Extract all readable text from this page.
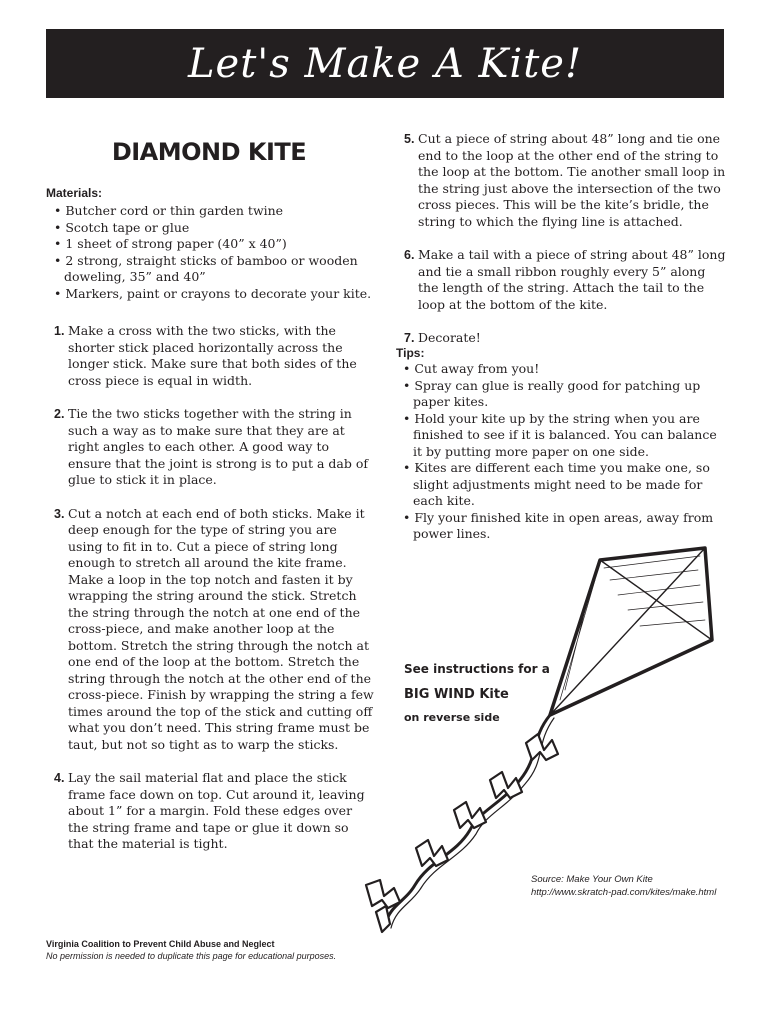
Let's Make A Kite!
DIAMOND KITE
Materials:
• Butcher cord or thin garden twine
• Scotch tape or glue
• 1 sheet of strong paper (40” x 40”)
• 2 strong, straight sticks of bamboo or wooden doweling, 35” and 40”
• Markers, paint or crayons to decorate your kite.
1. Make a cross with the two sticks, with the shorter stick placed horizontally across the longer stick. Make sure that both sides of the cross piece is equal in width.
2. Tie the two sticks together with the string in such a way as to make sure that they are at right angles to each other. A good way to ensure that the joint is strong is to put a dab of glue to stick it in place.
3. Cut a notch at each end of both sticks. Make it deep enough for the type of string you are using to fit in to. Cut a piece of string long enough to stretch all around the kite frame. Make a loop in the top notch and fasten it by wrapping the string around the stick. Stretch the string through the notch at one end of the cross-piece, and make another loop at the bottom. Stretch the string through the notch at one end of the loop at the bottom. Stretch the string through the notch at the other end of the cross-piece. Finish by wrapping the string a few times around the top of the stick and cutting off what you don’t need. This string frame must be taut, but not so tight as to warp the sticks.
4. Lay the sail material flat and place the stick frame face down on top. Cut around it, leaving about 1” for a margin. Fold these edges over the string frame and tape or glue it down so that the material is tight.
5. Cut a piece of string about 48” long and tie one end to the loop at the other end of the string to the loop at the bottom. Tie another small loop in the string just above the intersection of the two cross pieces. This will be the kite’s bridle, the string to which the flying line is attached.
6. Make a tail with a piece of string about 48” long and tie a small ribbon roughly every 5” along the length of the string. Attach the tail to the loop at the bottom of the kite.
7. Decorate!
Tips:
• Cut away from you!
• Spray can glue is really good for patching up paper kites.
• Hold your kite up by the string when you are finished to see if it is balanced. You can balance it by putting more paper on one side.
• Kites are different each time you make one, so slight adjustments might need to be made for each kite.
• Fly your finished kite in open areas, away from power lines.
See instructions for a
BIG WIND Kite
on reverse side
Source: Make Your Own Kite
http://www.skratch-pad.com/kites/make.html
Virginia Coalition to Prevent Child Abuse and Neglect
No permission is needed to duplicate this page for educational purposes.
